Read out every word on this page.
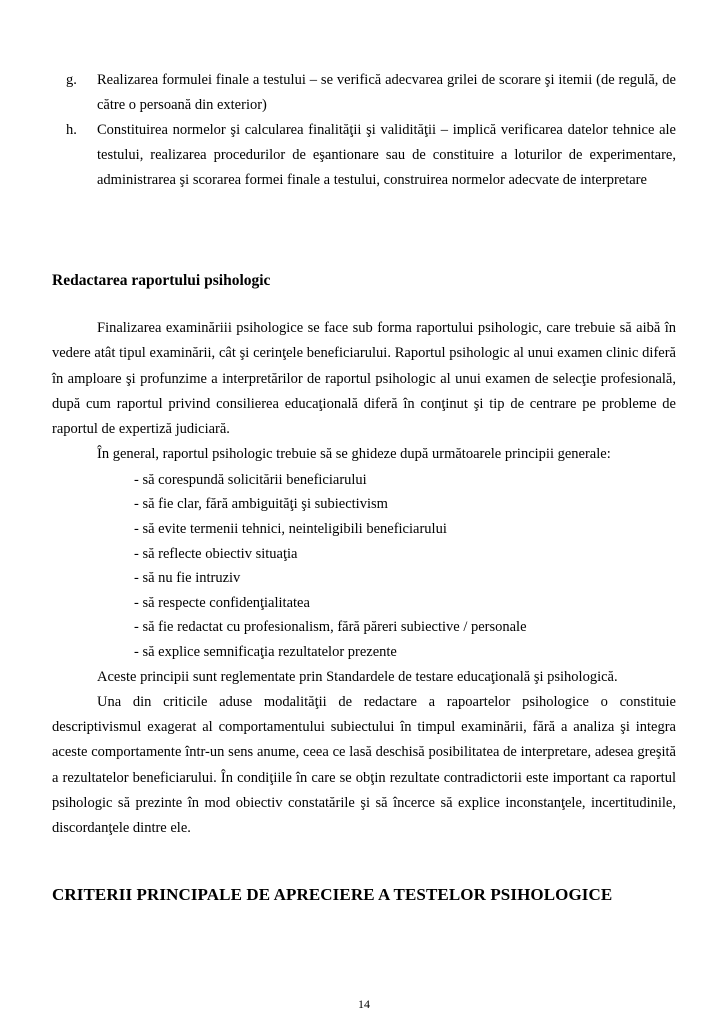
g. Realizarea formulei finale a testului – se verifică adecvarea grilei de scorare şi itemii (de regulă, de către o persoană din exterior)
h. Constituirea normelor şi calcularea finalităţii şi validităţii – implică verificarea datelor tehnice ale testului, realizarea procedurilor de eşantionare sau de constituire a loturilor de experimentare, administrarea şi scorarea formei finale a testului, construirea normelor adecvate de interpretare
Redactarea raportului psihologic

Finalizarea examinăriii psihologice se face sub forma raportului psihologic, care trebuie să aibă în vedere atât tipul examinării, cât şi cerinţele beneficiarului. Raportul psihologic al unui examen clinic diferă în amploare şi profunzime a interpretărilor de raportul psihologic al unui examen de selecţie profesională, după cum raportul privind consilierea educaţională diferă în conţinut şi tip de centrare pe probleme de raportul de expertiză judiciară.

În general, raportul psihologic trebuie să se ghideze după următoarele principii generale:

- să corespundă solicitării beneficiarului
- să fie clar, fără ambiguităţi şi subiectivism
- să evite termenii tehnici, neinteligibili beneficiarului
- să reflecte obiectiv situaţia
- să nu fie intruziv
- să respecte confidenţialitatea
- să fie redactat cu profesionalism, fără păreri subiective / personale
- să explice semnificaţia rezultatelor prezente

Aceste principii sunt reglementate prin Standardele de testare educaţională şi psihologică.

Una din criticile aduse modalităţii de redactare a rapoartelor psihologice o constituie descriptivismul exagerat al comportamentului subiectului în timpul examinării, fără a analiza şi integra aceste comportamente într-un sens anume, ceea ce lasă deschisă posibilitatea de interpretare, adesea greşită a rezultatelor beneficiarului. În condiţiile în care se obţin rezultate contradictorii este important ca raportul psihologic să prezinte în mod obiectiv constatările şi să încerce să explice inconstanţele, incertitudinile, discordanţele dintre ele.

CRITERII PRINCIPALE DE APRECIERE A TESTELOR PSIHOLOGICE
14
